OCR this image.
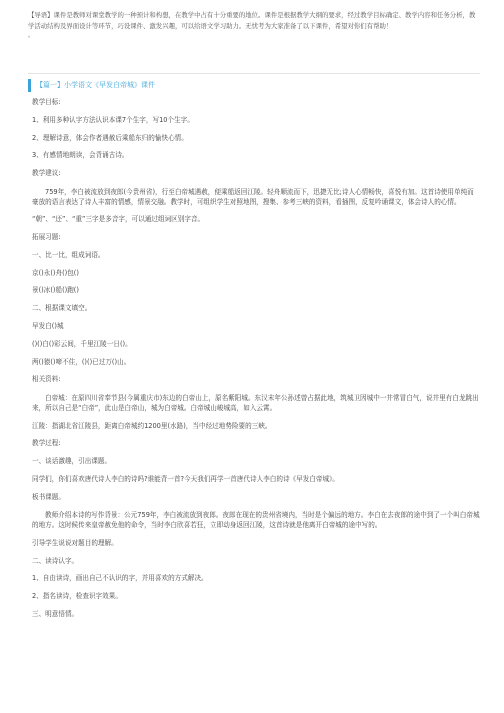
【导语】课件是教师对课堂教学的一种预计和构想，在教学中占有十分重要的地位。课件是根据教学大纲的要求，经过教学目标确定、教学内容和任务分析，教学活动结构及界面设计等环节，巧设课件、激发兴趣，可以给语文学习助力。无忧考为大家准备了以下课件，希望对你们有帮助！
。
【篇一】小学语文《早发白帝城》课件

教学目标:

1、利用多种认字方法认识本课7个生字，写10个生字。

2、理解诗意，体会作者遇赦后乘船东归的愉快心情。

3、有感情地朗读，会背诵古诗。

教学建议:

759年，李白被流放到夜郎(今贵州省)，行至白帝城遇赦，便乘船返回江陵。轻舟顺流而下，迅捷无比;诗人心情畅快，喜悦有加。这首诗使用单纯而豪放的语言表达了诗人丰富的情感，情景交融。教学时，可组织学生对照地图，搜集、参考三峡的资料，看插图，反复吟诵课文，体会诗人的心情。

“朝”、“还”、“重”三字是多音字，可以通过组词区别字音。

拓展习题:

一、比一比，组成词语。

京()永()舟()包()

景()冰()船()跑()

二、根据课文填空。

早发白()城

()()白()彩云间，千里江陵一日()。

两()猿()啼不住，()()已过万()山。

相关资料:

白帝城：在原四川省奉节县(今属重庆市)东边的白帝山上，原名紫阳城。东汉末年公孙述曾占据此地，筑城卫因城中一井常冒白气，说井里有白龙跳出来，所以自己是“白帝”，此山是白帝山，城为白帝城。白帝城山峻城高，如入云霄。

江陵：指湖北省江陵县，距离白帝城约1200里(水路)，当中经过地势险要的三峡。

教学过程:

一、谈话激趣，引出课题。

同学们，你们喜欢唐代诗人李白的诗吗?谁能背一首?今天我们再学一首唐代诗人李白的诗《早发白帝城》。

板书课题。

教师介绍本诗的写作背景：公元759年，李白被流放到夜郎。夜郎在现在的贵州省境内，当时是个偏远的地方。李白在去夜郎的途中到了一个叫白帝城的地方。这时候传来皇帝赦免他的命令，当时李白欣喜若狂，立即动身返回江陵，这首诗就是他离开白帝城的途中写的。

引导学生说说对题目的理解。

二、读诗认字。

1、自由读诗，画出自己不认识的字，并用喜欢的方式解决。

2、指名读诗，检查识字效果。

三、明意悟情。
